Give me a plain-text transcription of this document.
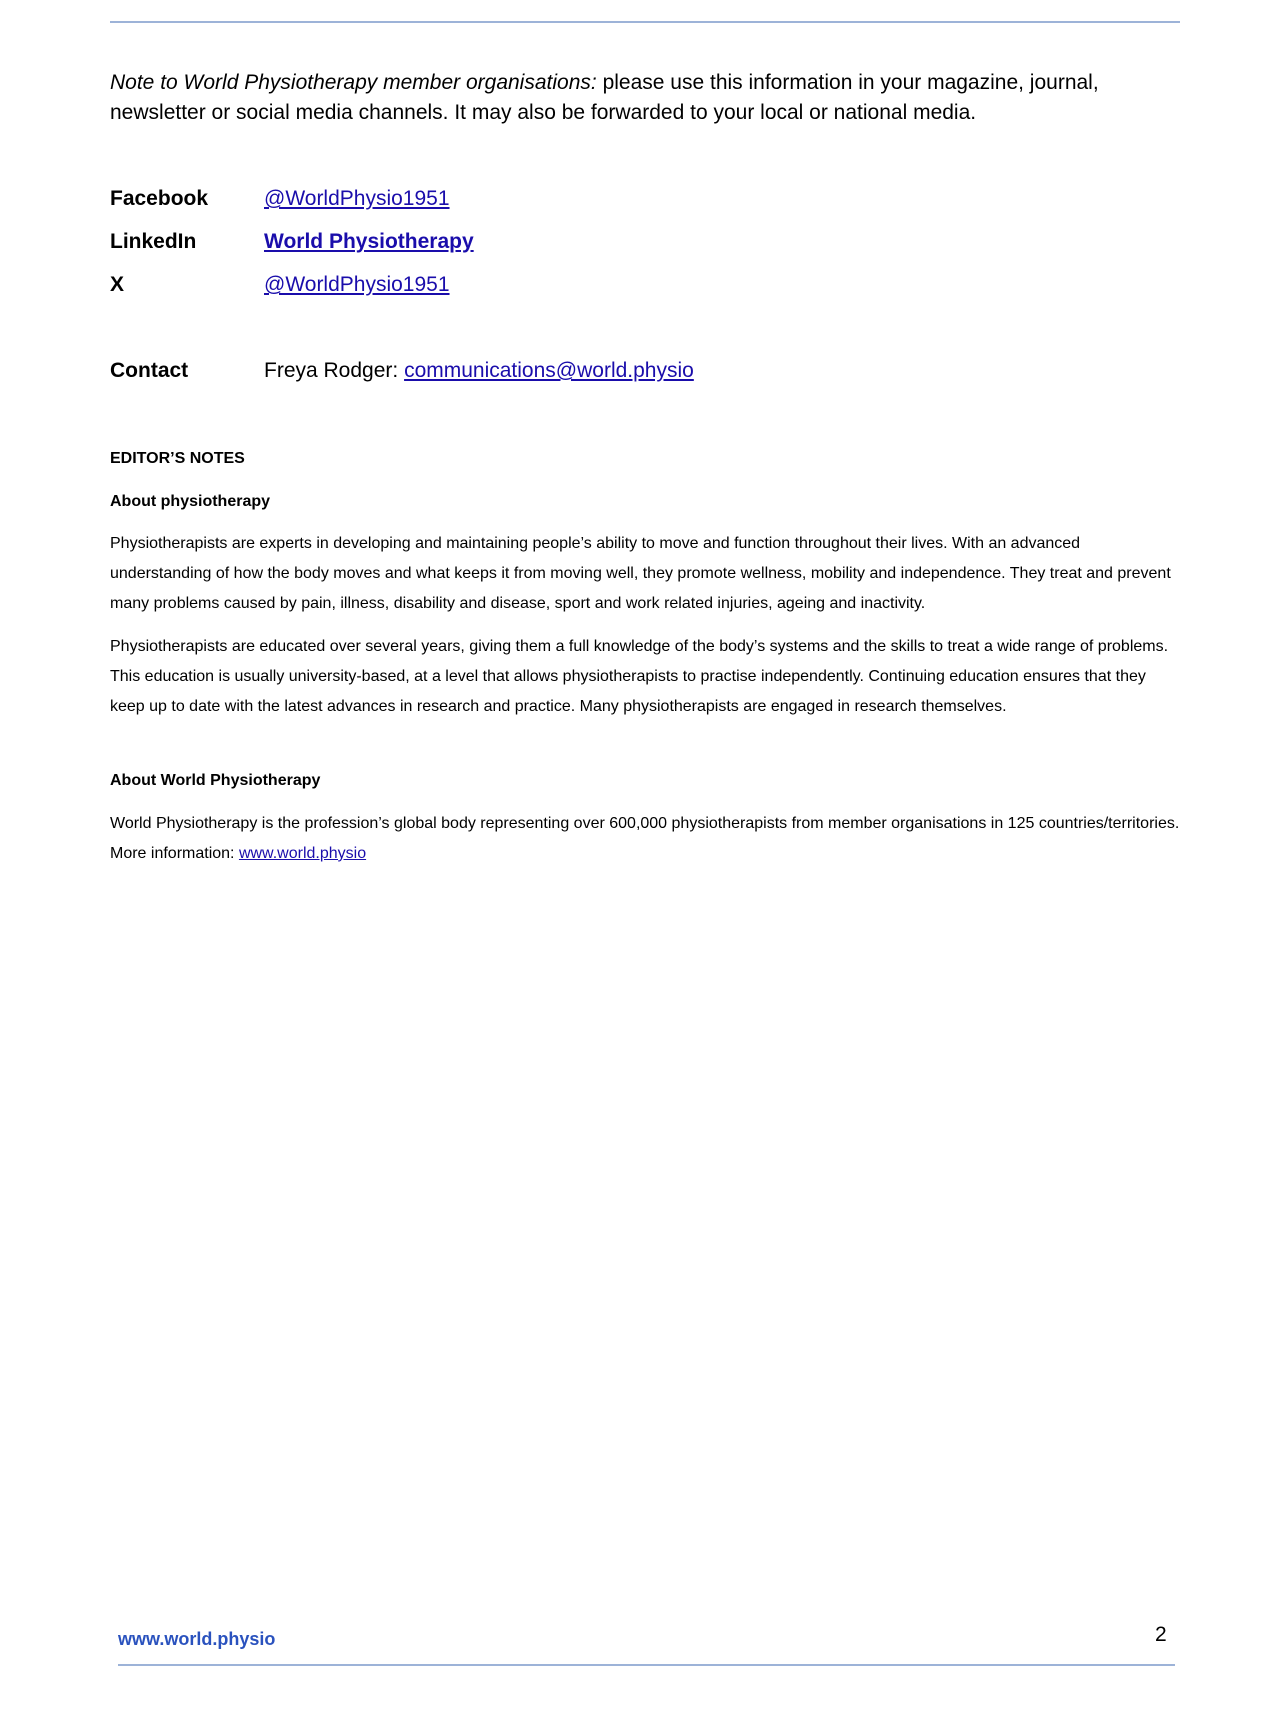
Note to World Physiotherapy member organisations: please use this information in your magazine, journal, newsletter or social media channels. It may also be forwarded to your local or national media.
Facebook	@WorldPhysio1951
LinkedIn	World Physiotherapy
X	@WorldPhysio1951
Contact	Freya Rodger: communications@world.physio
EDITOR’S NOTES
About physiotherapy
Physiotherapists are experts in developing and maintaining people’s ability to move and function throughout their lives. With an advanced understanding of how the body moves and what keeps it from moving well, they promote wellness, mobility and independence. They treat and prevent many problems caused by pain, illness, disability and disease, sport and work related injuries, ageing and inactivity.
Physiotherapists are educated over several years, giving them a full knowledge of the body’s systems and the skills to treat a wide range of problems. This education is usually university-based, at a level that allows physiotherapists to practise independently. Continuing education ensures that they keep up to date with the latest advances in research and practice. Many physiotherapists are engaged in research themselves.
About World Physiotherapy
World Physiotherapy is the profession’s global body representing over 600,000 physiotherapists from member organisations in 125 countries/territories. More information: www.world.physio
www.world.physio	2
